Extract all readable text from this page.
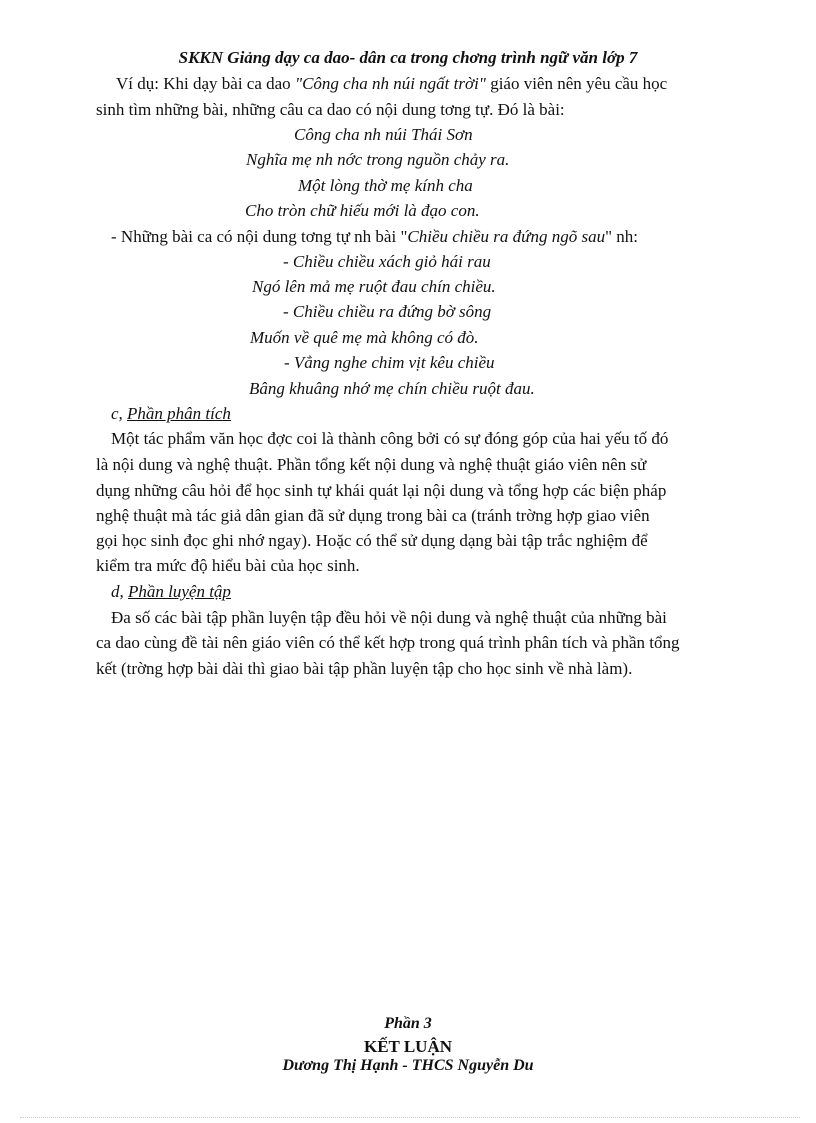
SKKN Giảng dạy ca dao- dân ca trong chơng trình ngữ văn lớp 7
Ví dụ: Khi dạy bài ca dao "Công cha nh núi ngất trời" giáo viên nên yêu cầu học
sinh tìm những bài, những câu ca dao có nội dung tơng tự. Đó là bài:
Công cha nh núi Thái Sơn
Nghĩa mẹ nh nớc trong nguồn chảy ra.
Một lòng thờ mẹ kính cha
Cho tròn chữ hiếu mới là đạo con.
- Những bài ca có nội dung tơng tự nh bài "Chiều chiều ra đứng ngõ sau" nh:
- Chiều chiều xách giỏ hái rau
Ngó lên mả mẹ ruột đau chín chiều.
- Chiều chiều ra đứng bờ sông
Muốn về quê mẹ mà không có đò.
- Vẳng nghe chim vịt kêu chiều
Bâng khuâng nhớ mẹ chín chiều ruột đau.
c, Phần phân tích
Một tác phẩm văn học đợc coi là thành công bởi có sự đóng góp của hai yếu tố đó
là nội dung và nghệ thuật. Phần tổng kết nội dung và nghệ thuật giáo viên nên sử
dụng những câu hỏi để học sinh tự khái quát lại nội dung và tổng hợp các biện pháp
nghệ thuật mà tác giả dân gian đã sử dụng trong bài ca (tránh trờng hợp giao viên
gọi học sinh đọc ghi nhớ ngay). Hoặc có thể sử dụng dạng bài tập trắc nghiệm để
kiểm tra mức độ hiểu bài của học sinh.
d, Phần luyện tập
Đa số các bài tập phần luyện tập đều hỏi về nội dung và nghệ thuật của những bài
ca dao cùng đề tài nên giáo viên có thể kết hợp trong quá trình phân tích và phần tổng
kết (trờng hợp bài dài thì giao bài tập phần luyện tập cho học sinh về nhà làm).
Phần 3
KẾT LUẬN
Dương Thị Hạnh - THCS Nguyễn Du
